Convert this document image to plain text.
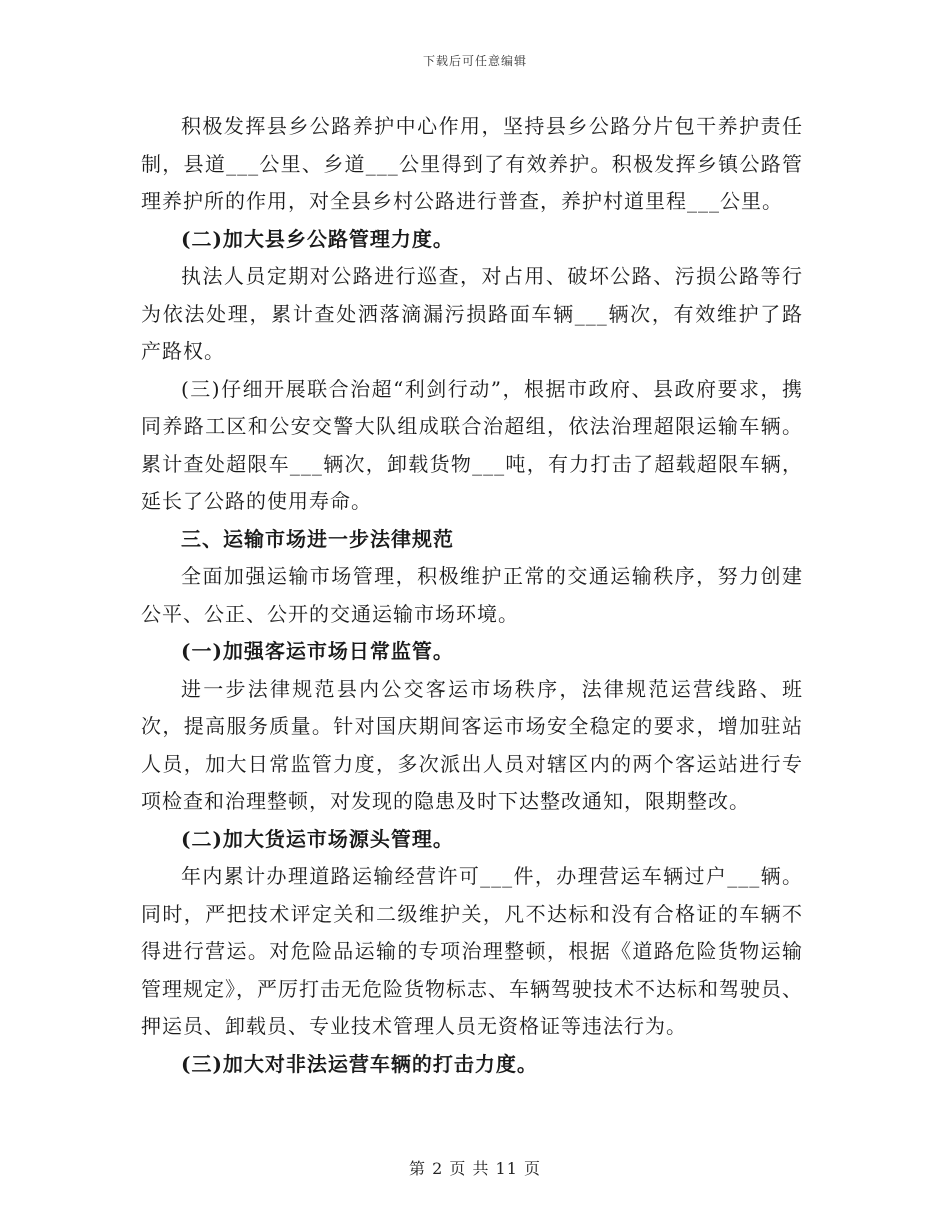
下载后可任意编辑

积极发挥县乡公路养护中心作用，坚持县乡公路分片包干养护责任制，县道___公里、乡道___公里得到了有效养护。积极发挥乡镇公路管理养护所的作用，对全县乡村公路进行普查，养护村道里程___公里。

(二)加大县乡公路管理力度。

执法人员定期对公路进行巡查，对占用、破坏公路、污损公路等行为依法处理，累计查处洒落滴漏污损路面车辆___辆次，有效维护了路产路权。

(三)仔细开展联合治超“利剑行动”，根据市政府、县政府要求，携同养路工区和公安交警大队组成联合治超组，依法治理超限运输车辆。累计查处超限车___辆次，卸载货物___吨，有力打击了超载超限车辆，延长了公路的使用寿命。

三、运输市场进一步法律规范

全面加强运输市场管理，积极维护正常的交通运输秩序，努力创建公平、公正、公开的交通运输市场环境。

(一)加强客运市场日常监管。

进一步法律规范县内公交客运市场秩序，法律规范运营线路、班次，提高服务质量。针对国庆期间客运市场安全稳定的要求，增加驻站人员，加大日常监管力度，多次派出人员对辖区内的两个客运站进行专项检查和治理整顿，对发现的隐患及时下达整改通知，限期整改。

(二)加大货运市场源头管理。

年内累计办理道路运输经营许可___件，办理营运车辆过户___辆。同时，严把技术评定关和二级维护关，凡不达标和没有合格证的车辆不得进行营运。对危险品运输的专项治理整顿，根据《道路危险货物运输管理规定》，严厉打击无危险货物标志、车辆驾驶技术不达标和驾驶员、押运员、卸载员、专业技术管理人员无资格证等违法行为。

(三)加大对非法运营车辆的打击力度。

第 2 页 共 11 页
